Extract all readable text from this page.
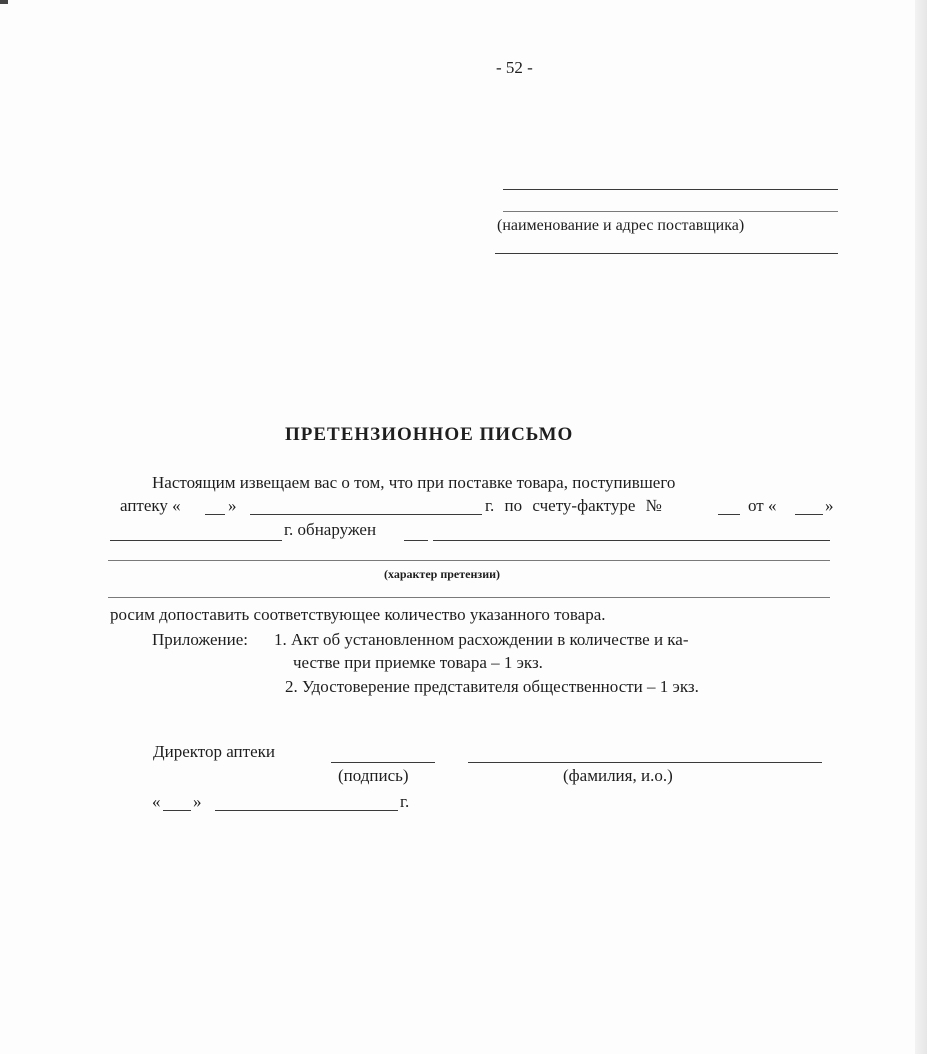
- 52 -
(наименование и адрес поставщика)
ПРЕТЕНЗИОННОЕ ПИСЬМО
Настоящим извещаем вас о том, что при поставке товара, поступившего
аптеку «	»	г. по счету-фактуре №	от «	»
г. обнаружен
(характер претензии)
росим допоставить соответствующее количество указанного товара.
Приложение: 1. Акт об установленном расхождении в количестве и ка-
честве при приемке товара – 1 экз.
2. Удостоверение представителя общественности – 1 экз.
Директор аптеки
(подпись)	(фамилия, и.о.)
« »	г.
